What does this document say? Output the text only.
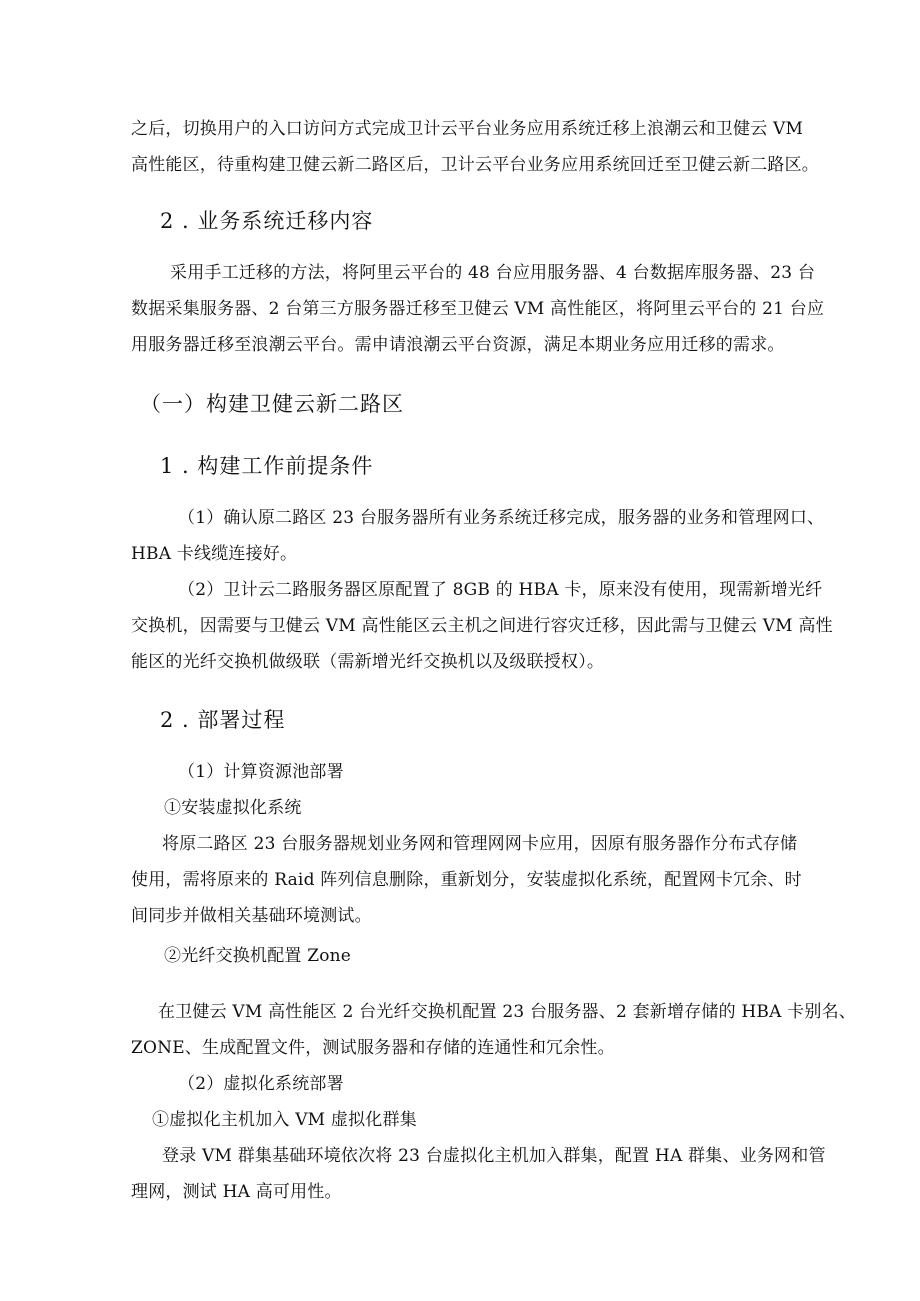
之后，切换用户的入口访问方式完成卫计云平台业务应用系统迁移上浪潮云和卫健云 VM
高性能区，待重构建卫健云新二路区后，卫计云平台业务应用系统回迁至卫健云新二路区。
2 . 业务系统迁移内容
采用手工迁移的方法，将阿里云平台的 48 台应用服务器、4 台数据库服务器、23 台
数据采集服务器、2 台第三方服务器迁移至卫健云 VM 高性能区，将阿里云平台的 21 台应
用服务器迁移至浪潮云平台。需申请浪潮云平台资源，满足本期业务应用迁移的需求。
（一）构建卫健云新二路区
1 . 构建工作前提条件
（1）确认原二路区 23 台服务器所有业务系统迁移完成，服务器的业务和管理网口、
HBA 卡线缆连接好。
（2）卫计云二路服务器区原配置了 8GB 的 HBA 卡，原来没有使用，现需新增光纤
交换机，因需要与卫健云 VM 高性能区云主机之间进行容灾迁移，因此需与卫健云 VM 高性
能区的光纤交换机做级联（需新增光纤交换机以及级联授权）。
2 . 部署过程
（1）计算资源池部署
①安装虚拟化系统
将原二路区 23 台服务器规划业务网和管理网网卡应用，因原有服务器作分布式存储
使用，需将原来的 Raid 阵列信息删除，重新划分，安装虚拟化系统，配置网卡冗余、时
间同步并做相关基础环境测试。
②光纤交换机配置 Zone
在卫健云 VM 高性能区 2 台光纤交换机配置 23 台服务器、2 套新增存储的 HBA 卡别名、
ZONE、生成配置文件，测试服务器和存储的连通性和冗余性。
（2）虚拟化系统部署
①虚拟化主机加入 VM 虚拟化群集
登录 VM 群集基础环境依次将 23 台虚拟化主机加入群集，配置 HA 群集、业务网和管
理网，测试 HA 高可用性。
